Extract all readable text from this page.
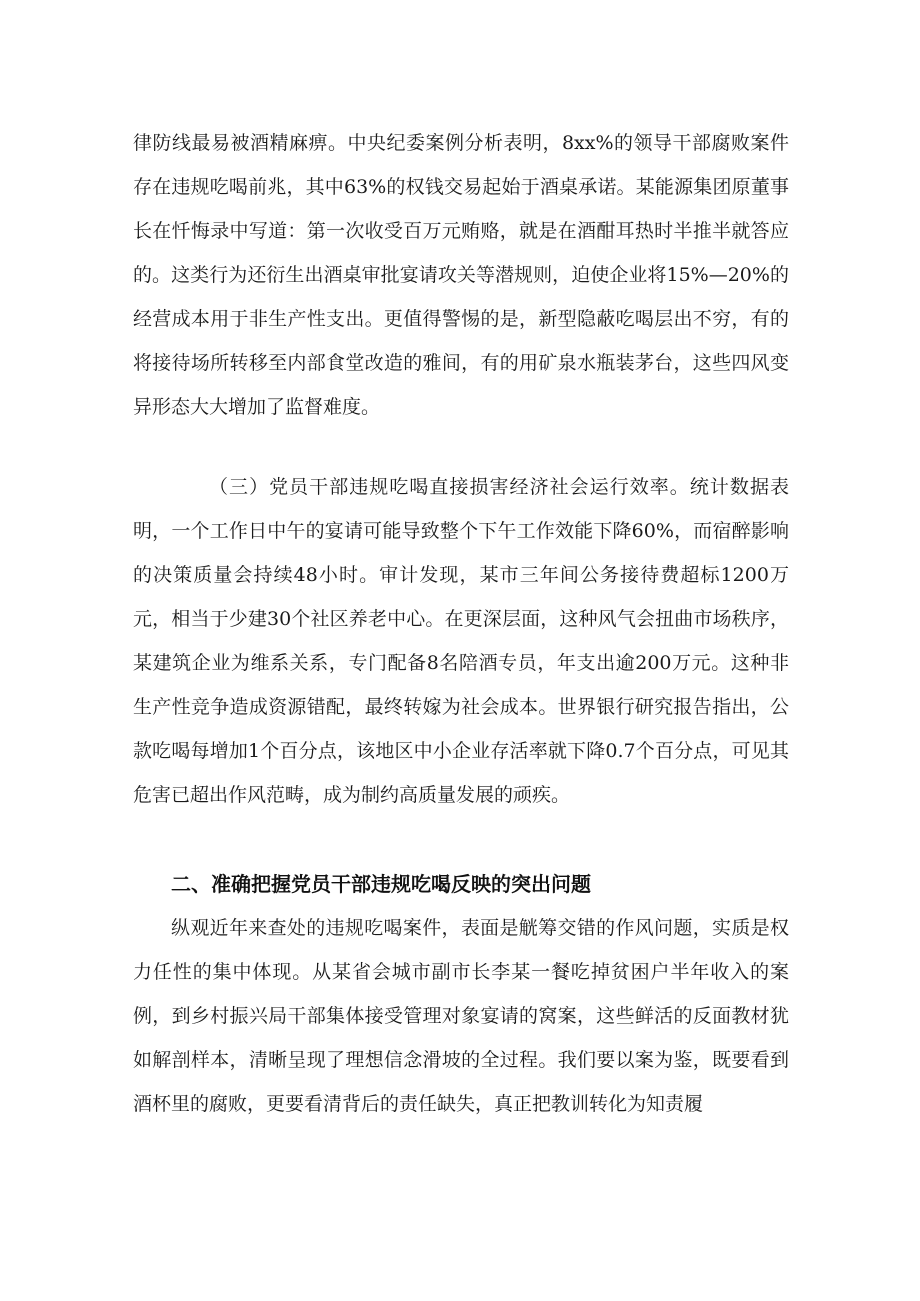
律防线最易被酒精麻痹。中央纪委案例分析表明，8xx%的领导干部腐败案件存在违规吃喝前兆，其中63%的权钱交易起始于酒桌承诺。某能源集团原董事长在忏悔录中写道：第一次收受百万元贿赂，就是在酒酣耳热时半推半就答应的。这类行为还衍生出酒桌审批宴请攻关等潜规则，迫使企业将15%—20%的经营成本用于非生产性支出。更值得警惕的是，新型隐蔽吃喝层出不穷，有的将接待场所转移至内部食堂改造的雅间，有的用矿泉水瓶装茅台，这些四风变异形态大大增加了监督难度。

（三）党员干部违规吃喝直接损害经济社会运行效率。统计数据表明，一个工作日中午的宴请可能导致整个下午工作效能下降60%，而宿醉影响的决策质量会持续48小时。审计发现，某市三年间公务接待费超标1200万元，相当于少建30个社区养老中心。在更深层面，这种风气会扭曲市场秩序，某建筑企业为维系关系，专门配备8名陪酒专员，年支出逾200万元。这种非生产性竞争造成资源错配，最终转嫁为社会成本。世界银行研究报告指出，公款吃喝每增加1个百分点，该地区中小企业存活率就下降0.7个百分点，可见其危害已超出作风范畴，成为制约高质量发展的顽疾。

二、准确把握党员干部违规吃喝反映的突出问题

纵观近年来查处的违规吃喝案件，表面是觥筹交错的作风问题，实质是权力任性的集中体现。从某省会城市副市长李某一餐吃掉贫困户半年收入的案例，到乡村振兴局干部集体接受管理对象宴请的窝案，这些鲜活的反面教材犹如解剖样本，清晰呈现了理想信念滑坡的全过程。我们要以案为鉴，既要看到酒杯里的腐败，更要看清背后的责任缺失，真正把教训转化为知责履
